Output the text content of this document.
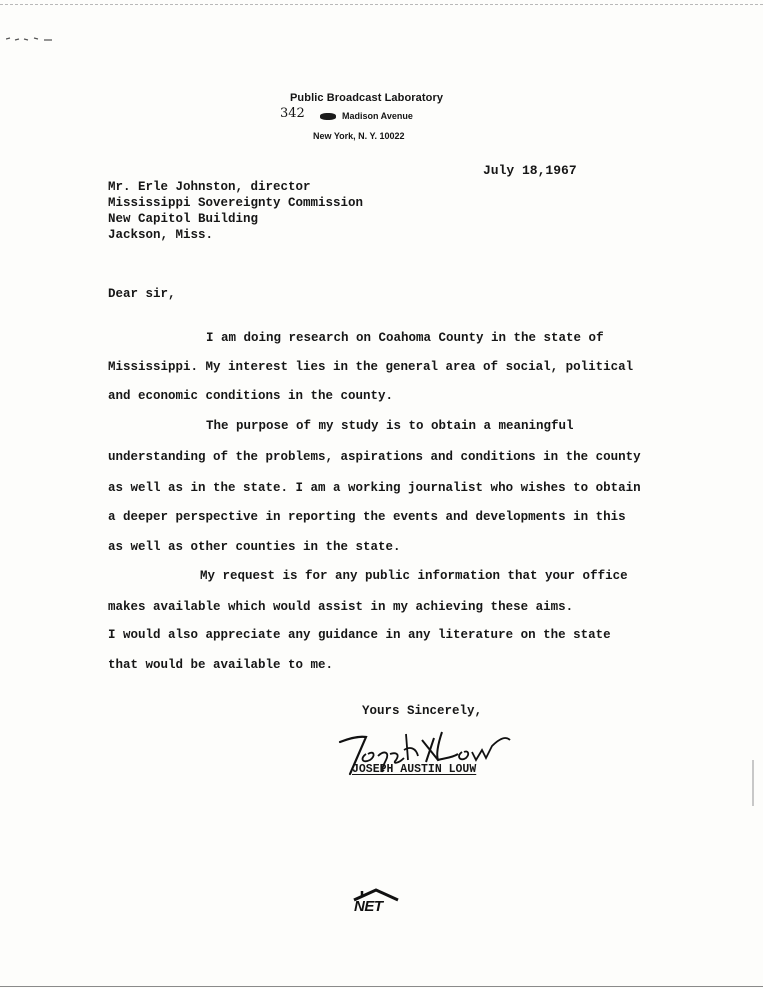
Public Broadcast Laboratory
342	Madison Avenue
New York, N. Y. 10022

July 18,1967

Mr. Erle Johnston, director

Mississippi Sovereignty Commission

New Capitol Building

Jackson, Miss.

Dear sir,

I am doing research on Coahoma County in the state of

Mississippi. My interest lies in the general area of social, political

and economic conditions in the county.

The purpose of my study is to obtain a meaningful

understanding of the problems, aspirations and conditions in the county

as well as in the state. I am a working journalist who wishes to obtain

a deeper perspective in reporting the events and developments in this

as well as other counties in the state.

My request is for any public information that your office

makes available which would assist in my achieving these aims.

I would also appreciate any guidance in any literature on the state

that would be available to me.

Yours Sincerely,

JOSEPH AUSTIN LOUW

NET
